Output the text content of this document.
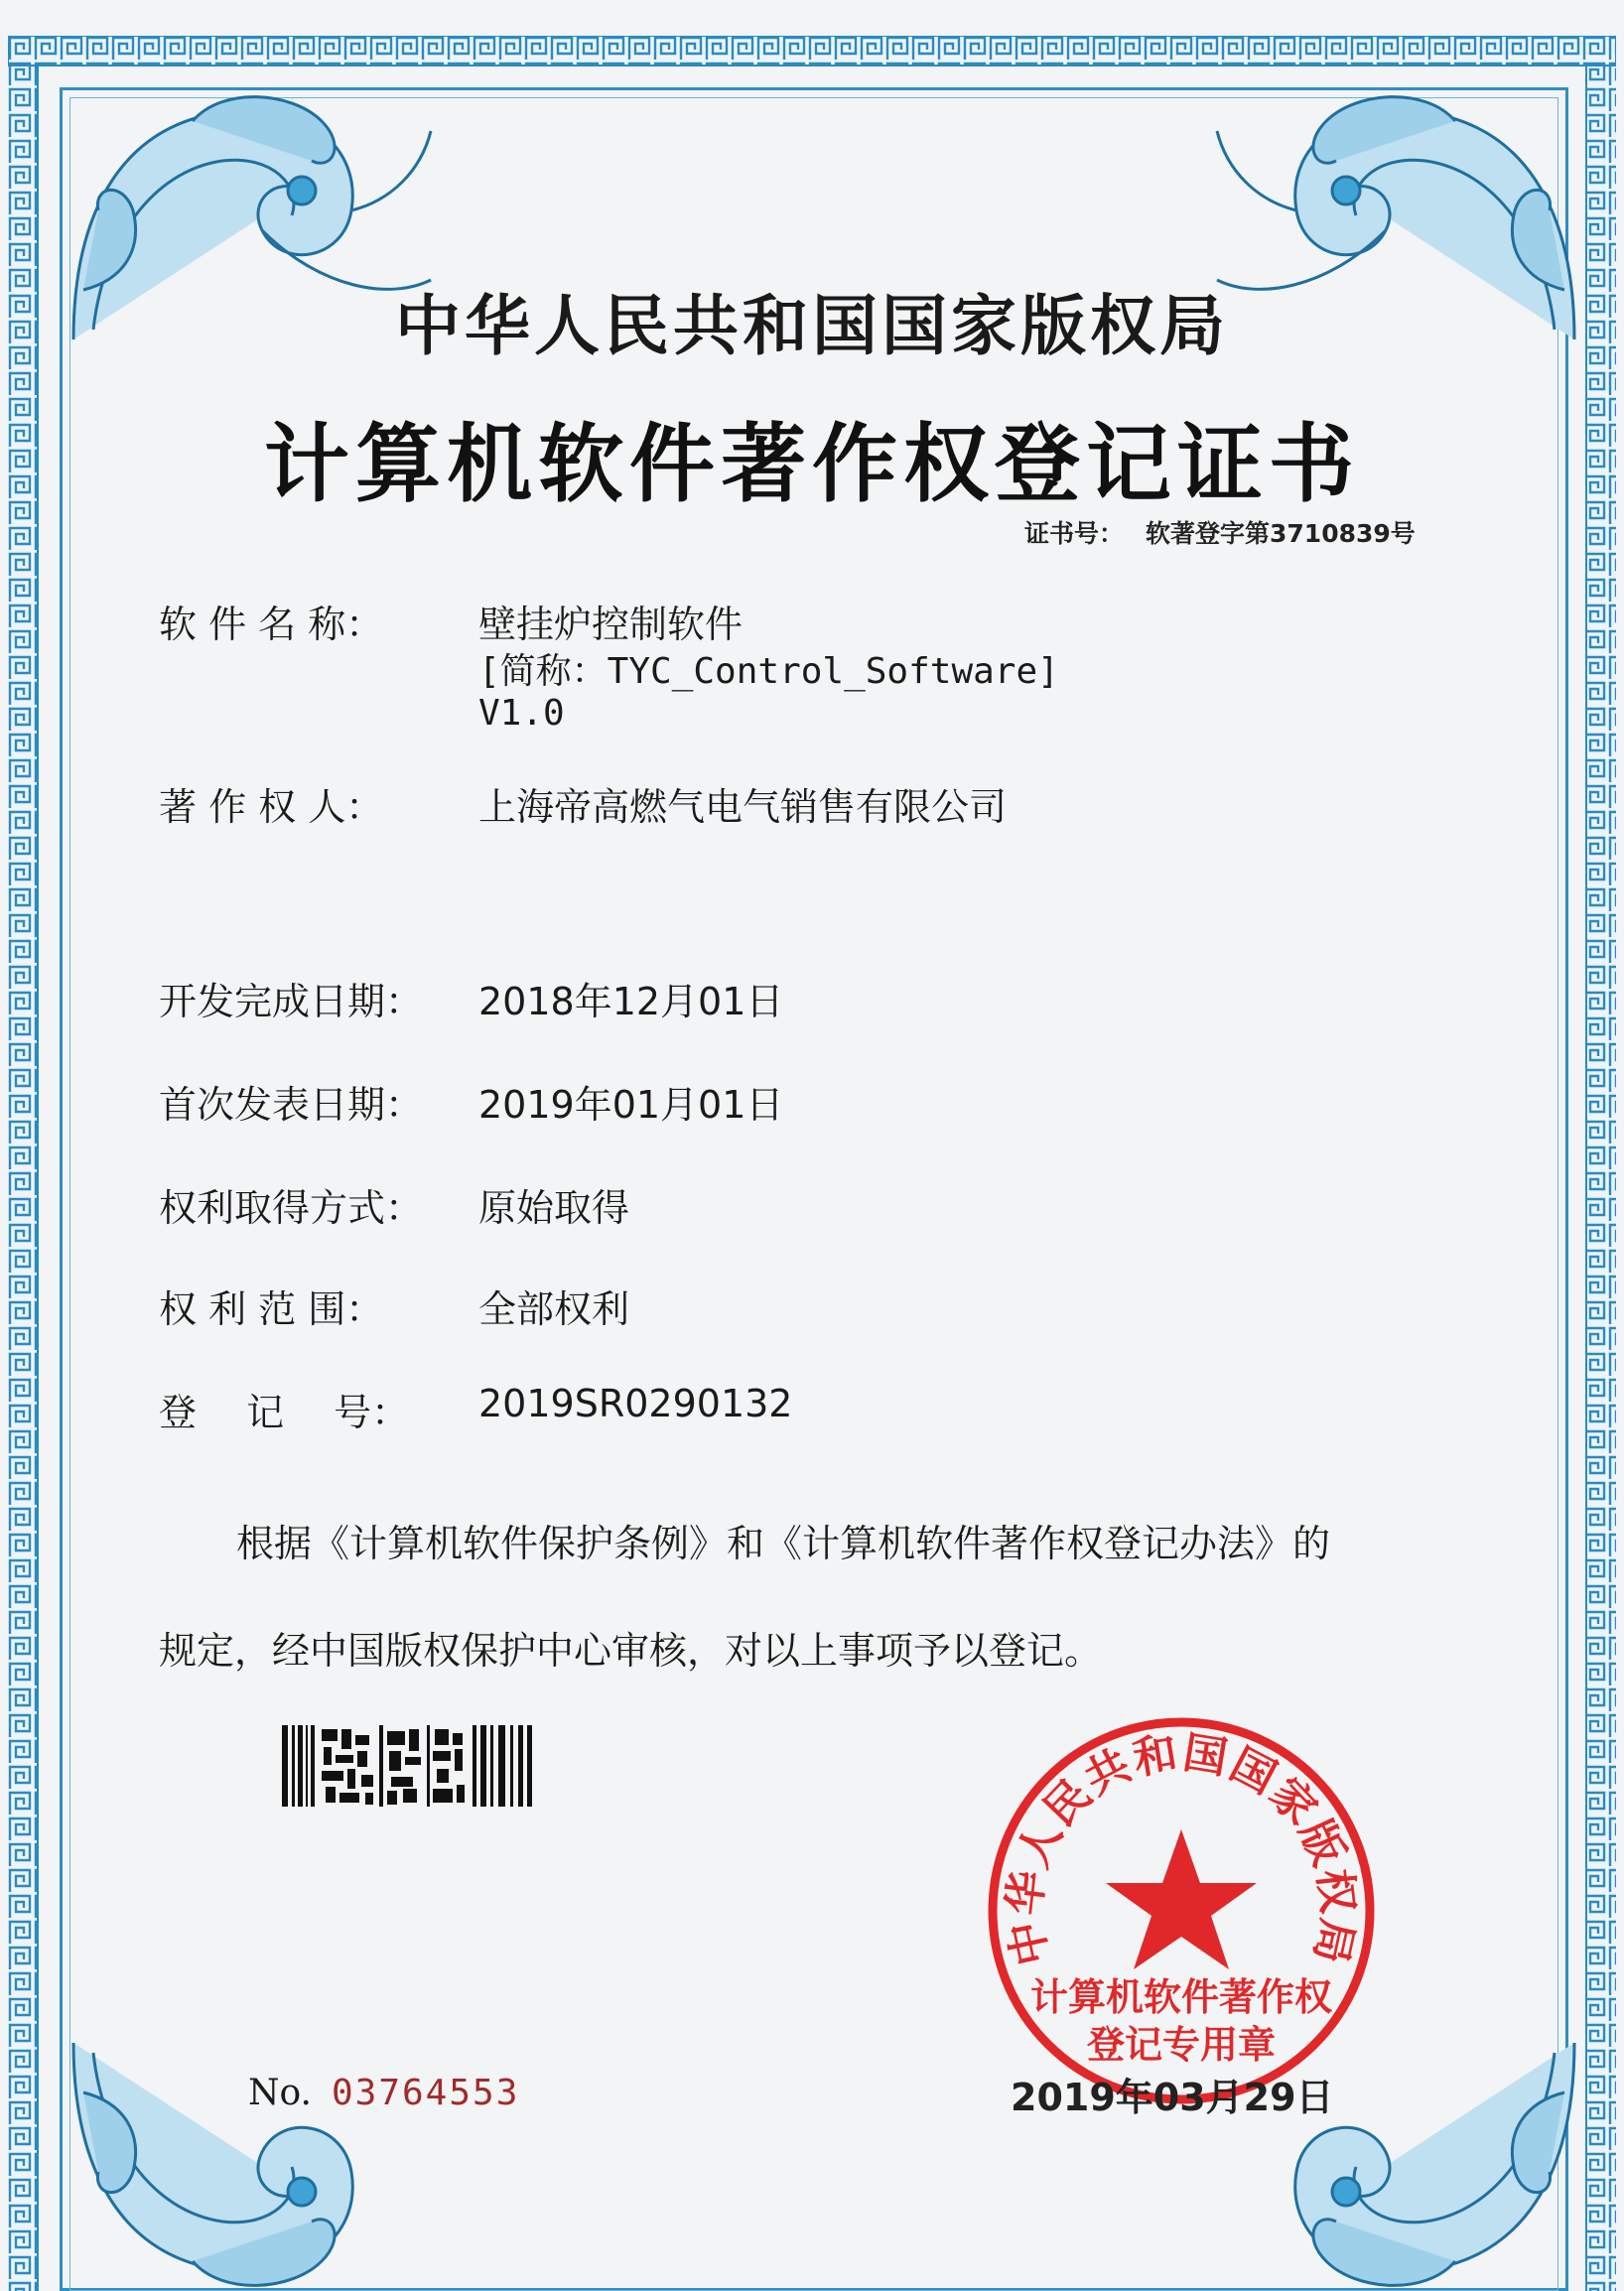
中华人民共和国国家版权局
计算机软件著作权登记证书
证书号： 软著登字第3710839号
软 件 名 称：	壁挂炉控制软件
[简称：TYC_Control_Software]
V1.0
著 作 权 人：	上海帝高燃气电气销售有限公司
开发完成日期： 2018年12月01日
首次发表日期： 2019年01月01日
权利取得方式： 原始取得
权 利 范 围：	全部权利
登　 记　 号： 2019SR0290132
根据《计算机软件保护条例》和《计算机软件著作权登记办法》的
规定，经中国版权保护中心审核，对以上事项予以登记。
No. 03764553
中华人民共和国国家版权局
计算机软件著作权
登记专用章
2019年03月29日
